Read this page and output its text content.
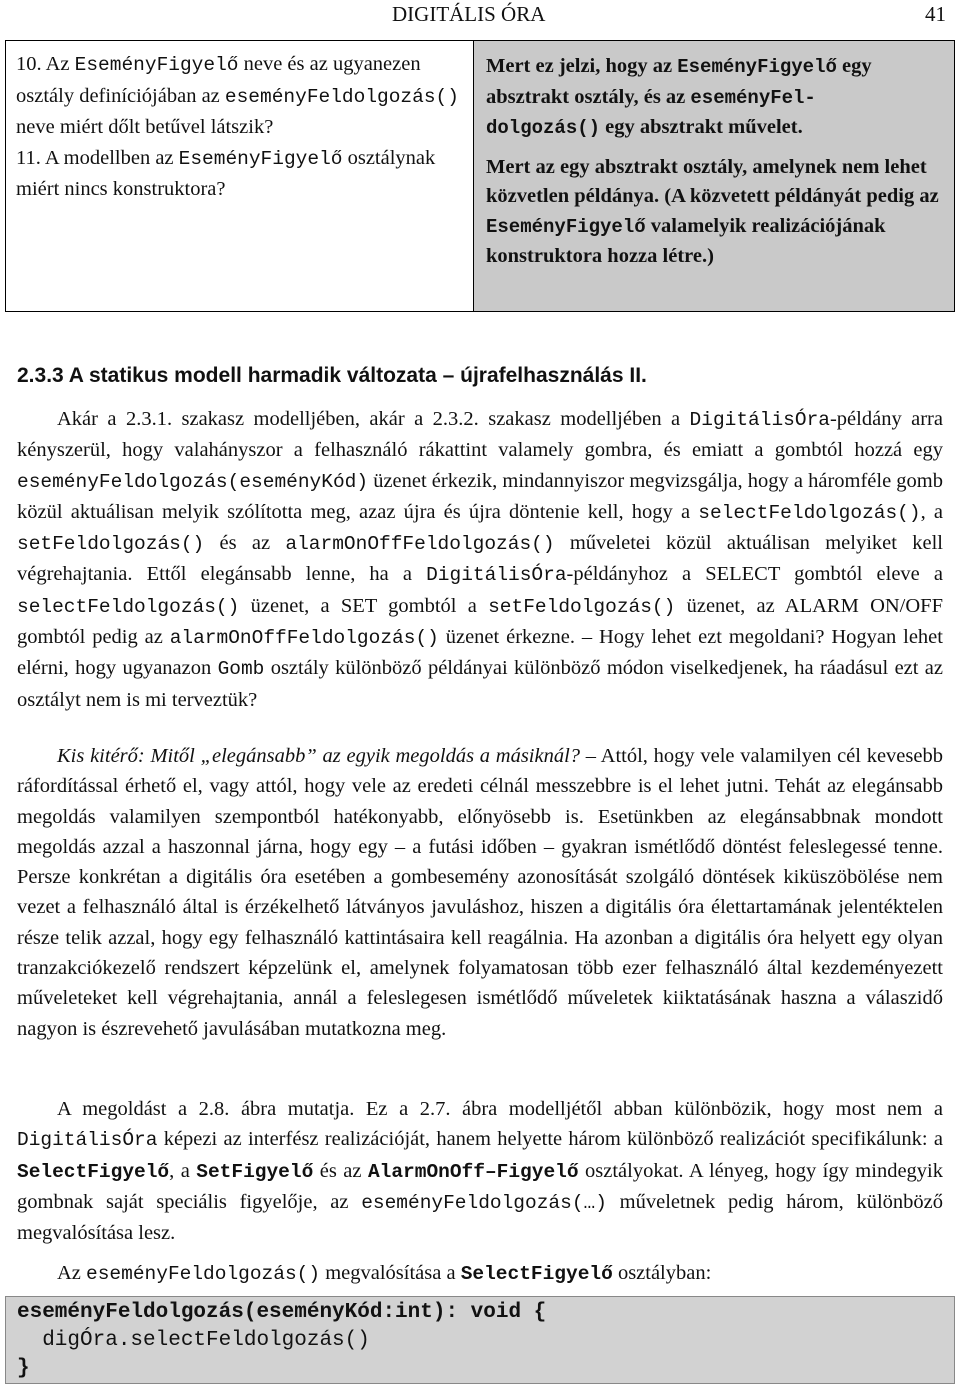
DIGITÁLIS ÓRA	41
10. Az EseményFigyelő neve és az ugyanezen osztály definíciójában az eseményFeldolgozás() neve miért dőlt betűvel látszik?
11. A modellben az EseményFigyelő osztálynak miért nincs konstruktora?
Mert ez jelzi, hogy az EseményFigyelő egy absztrakt osztály, és az eseményFel-
dolgozás() egy absztrakt művelet.
Mert az egy absztrakt osztály, amelynek nem lehet közvetlen példánya. (A közvetett példányát pedig az EseményFigyelő valamelyik realizációjának konstruktora hozza létre.)
2.3.3 A statikus modell harmadik változata – újrafelhasználás II.
Akár a 2.3.1. szakasz modelljében, akár a 2.3.2. szakasz modelljében a DigitálisÓra-példány arra kényszerül, hogy valahányszor a felhasználó rákattint valamely gombra, és emiatt a gombtól hozzá egy eseményFeldolgozás(eseményKód) üzenet érkezik, mindannyiszor megvizsgálja, hogy a háromféle gomb közül aktuálisan melyik szólította meg, azaz újra és újra döntenie kell, hogy a selectFeldolgozás(), a setFeldolgozás() és az alarmOnOffFeldolgozás() műveletei közül aktuálisan melyiket kell végrehajtania. Ettől elegánsabb lenne, ha a DigitálisÓra-példányhoz a SELECT gombtól eleve a selectFeldolgozás() üzenet, a SET gombtól a setFeldolgozás() üzenet, az ALARM ON/OFF gombtól pedig az alarmOnOffFeldolgozás() üzenet érkezne. – Hogy lehet ezt megoldani? Hogyan lehet elérni, hogy ugyanazon Gomb osztály különböző példányai különböző módon viselkedjenek, ha ráadásul ezt az osztályt nem is mi terveztük?
Kis kitérő: Mitől „elegánsabb” az egyik megoldás a másiknál? – Attól, hogy vele valamilyen cél kevesebb ráfordítással érhető el, vagy attól, hogy vele az eredeti célnál messzebbre is el lehet jutni. Tehát az elegánsabb megoldás valamilyen szempontból hatékonyabb, előnyösebb is. Esetünkben az elegánsabbnak mondott megoldás azzal a haszonnal járna, hogy egy – a futási időben – gyakran ismétlődő döntést feleslegessé tenne. Persze konkrétan a digitális óra esetében a gombesemény azonosítását szolgáló döntések kiküszöbölése nem vezet a felhasználó által is érzékelhető látványos javuláshoz, hiszen a digitális óra élettartamának jelentéktelen része telik azzal, hogy egy felhasználó kattintásaira kell reagálnia. Ha azonban a digitális óra helyett egy olyan tranzakciókezelő rendszert képzelünk el, amelynek folyamatosan több ezer felhasználó által kezdeményezett műveleteket kell végrehajtania, annál a feleslegesen ismétlődő műveletek kiiktatásának haszna a válaszidő nagyon is észrevehető javulásában mutatkozna meg.
A megoldást a 2.8. ábra mutatja. Ez a 2.7. ábra modelljétől abban különbözik, hogy most nem a DigitálisÓra képezi az interfész realizációját, hanem helyette három különböző realizációt specifikálunk: a SelectFigyelő, a SetFigyelő és az AlarmOnOff–Figyelő osztályokat. A lényeg, hogy így mindegyik gombnak saját speciális figyelője, az eseményFeldolgozás(…) műveletnek pedig három, különböző megvalósítása lesz.
Az eseményFeldolgozás() megvalósítása a SelectFigyelő osztályban:
eseményFeldolgozás(eseményKód:int): void {
digÓra.selectFeldolgozás()
}
